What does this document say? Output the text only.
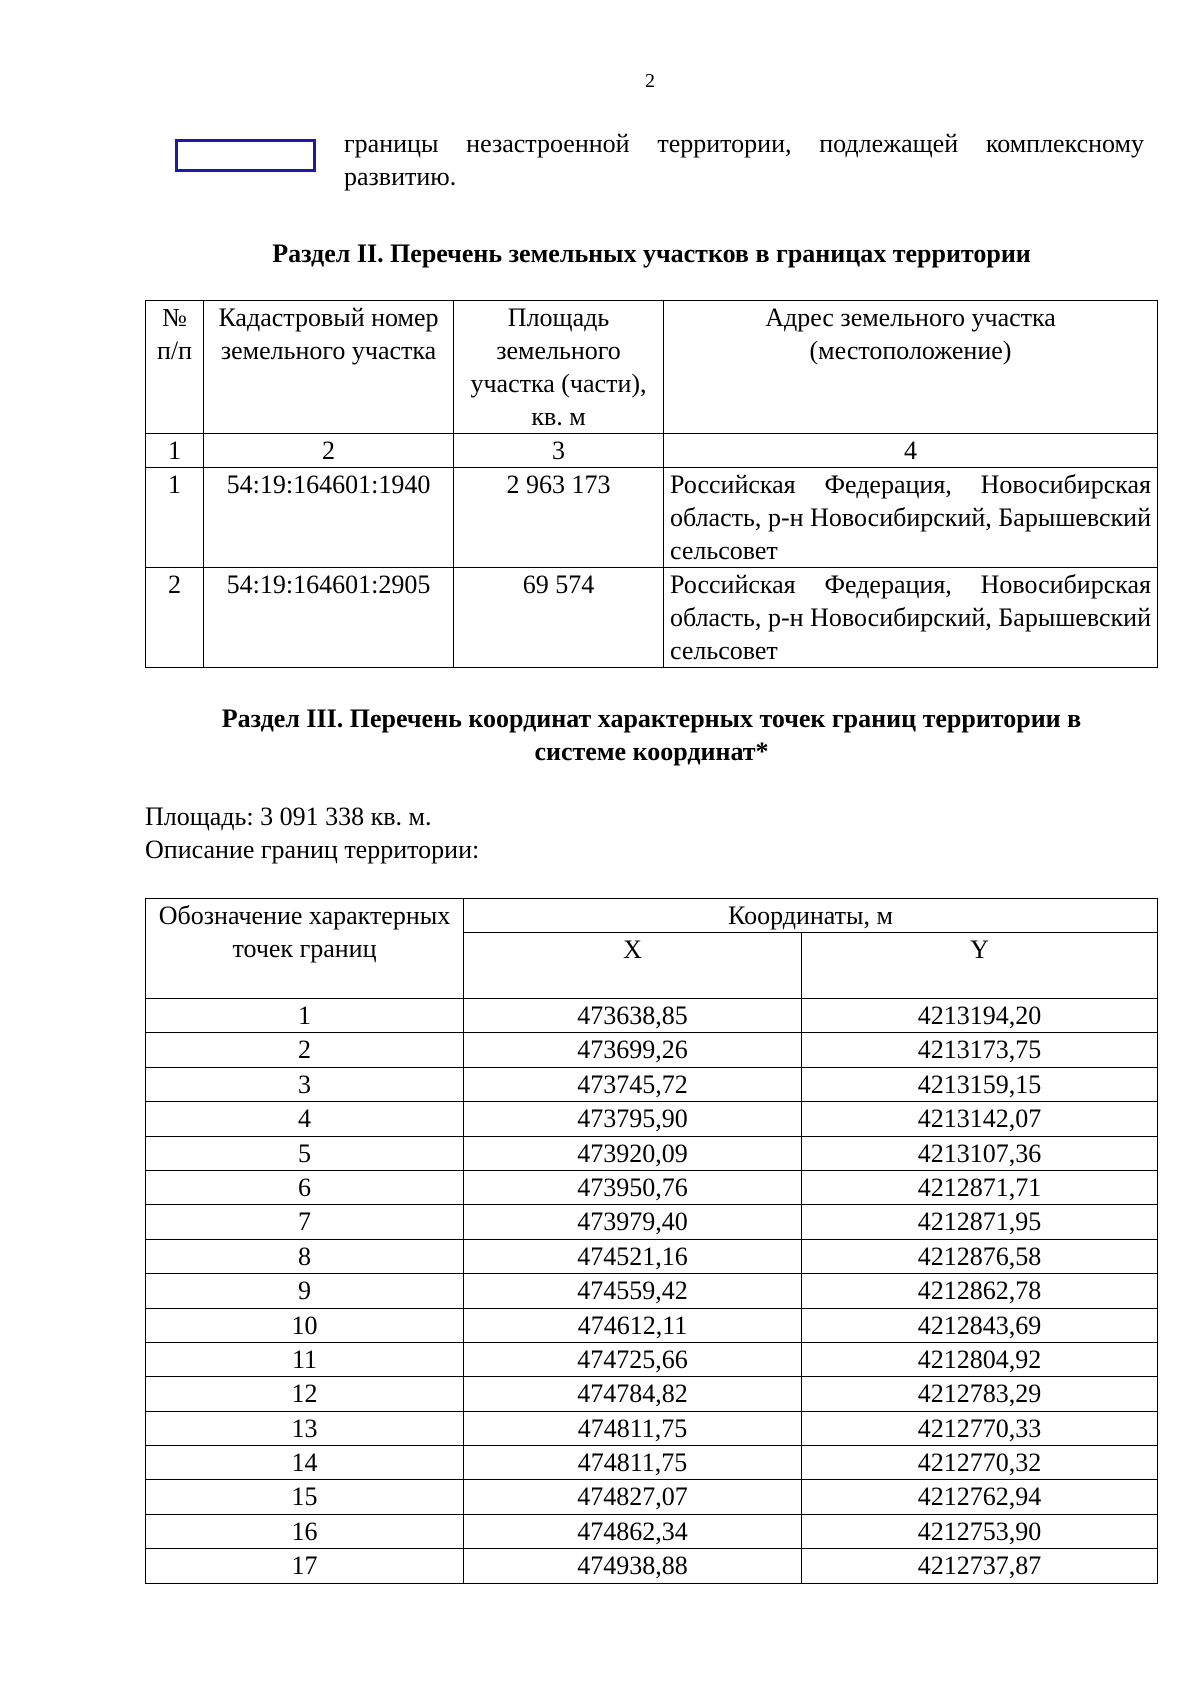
2
границы незастроенной территории, подлежащей комплексному развитию.
Раздел II. Перечень земельных участков в границах территории
№ п/п	Кадастровый номер земельного участка	Площадь земельного участка (части), кв. м	Адрес земельного участка (местоположение)
1	2	3	4
1	54:19:164601:1940	2 963 173	Российская Федерация, Новосибирская область, р-н Новосибирский, Барышевский сельсовет
2	54:19:164601:2905	69 574	Российская Федерация, Новосибирская область, р-н Новосибирский, Барышевский сельсовет
Раздел III. Перечень координат характерных точек границ территории в системе координат*
Площадь: 3 091 338 кв. м.
Описание границ территории:
Обозначение характерных точек границ	Координаты, м	
	X	Y
1	473638,85	4213194,20
2	473699,26	4213173,75
3	473745,72	4213159,15
4	473795,90	4213142,07
5	473920,09	4213107,36
6	473950,76	4212871,71
7	473979,40	4212871,95
8	474521,16	4212876,58
9	474559,42	4212862,78
10	474612,11	4212843,69
11	474725,66	4212804,92
12	474784,82	4212783,29
13	474811,75	4212770,33
14	474811,75	4212770,32
15	474827,07	4212762,94
16	474862,34	4212753,90
17	474938,88	4212737,87
